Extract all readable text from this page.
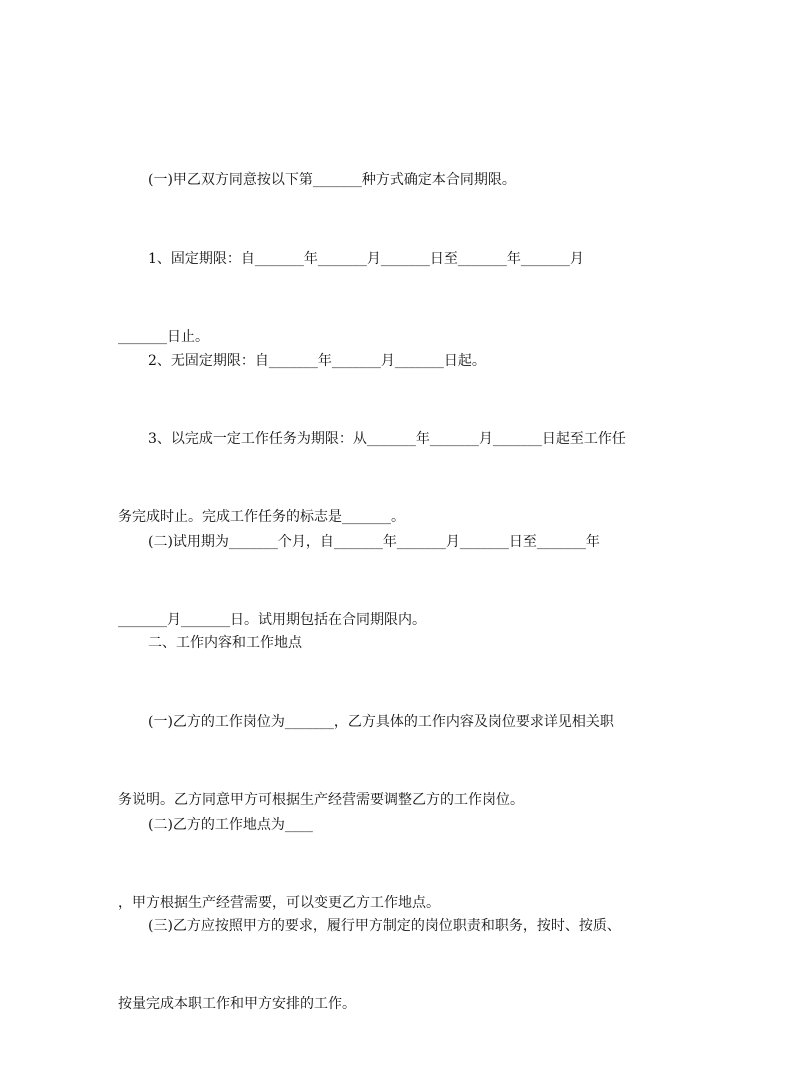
(一)甲乙双方同意按以下第_______种方式确定本合同期限。

1、固定期限：自_______年_______月_______日至_______年_______月

_______日止。

2、无固定期限：自_______年_______月_______日起。

3、以完成一定工作任务为期限：从_______年_______月_______日起至工作任

务完成时止。完成工作任务的标志是_______。

(二)试用期为_______个月，自_______年_______月_______日至_______年

_______月_______日。试用期包括在合同期限内。

二、工作内容和工作地点

(一)乙方的工作岗位为_______，乙方具体的工作内容及岗位要求详见相关职

务说明。乙方同意甲方可根据生产经营需要调整乙方的工作岗位。

(二)乙方的工作地点为____

，甲方根据生产经营需要，可以变更乙方工作地点。

(三)乙方应按照甲方的要求，履行甲方制定的岗位职责和职务，按时、按质、

按量完成本职工作和甲方安排的工作。
